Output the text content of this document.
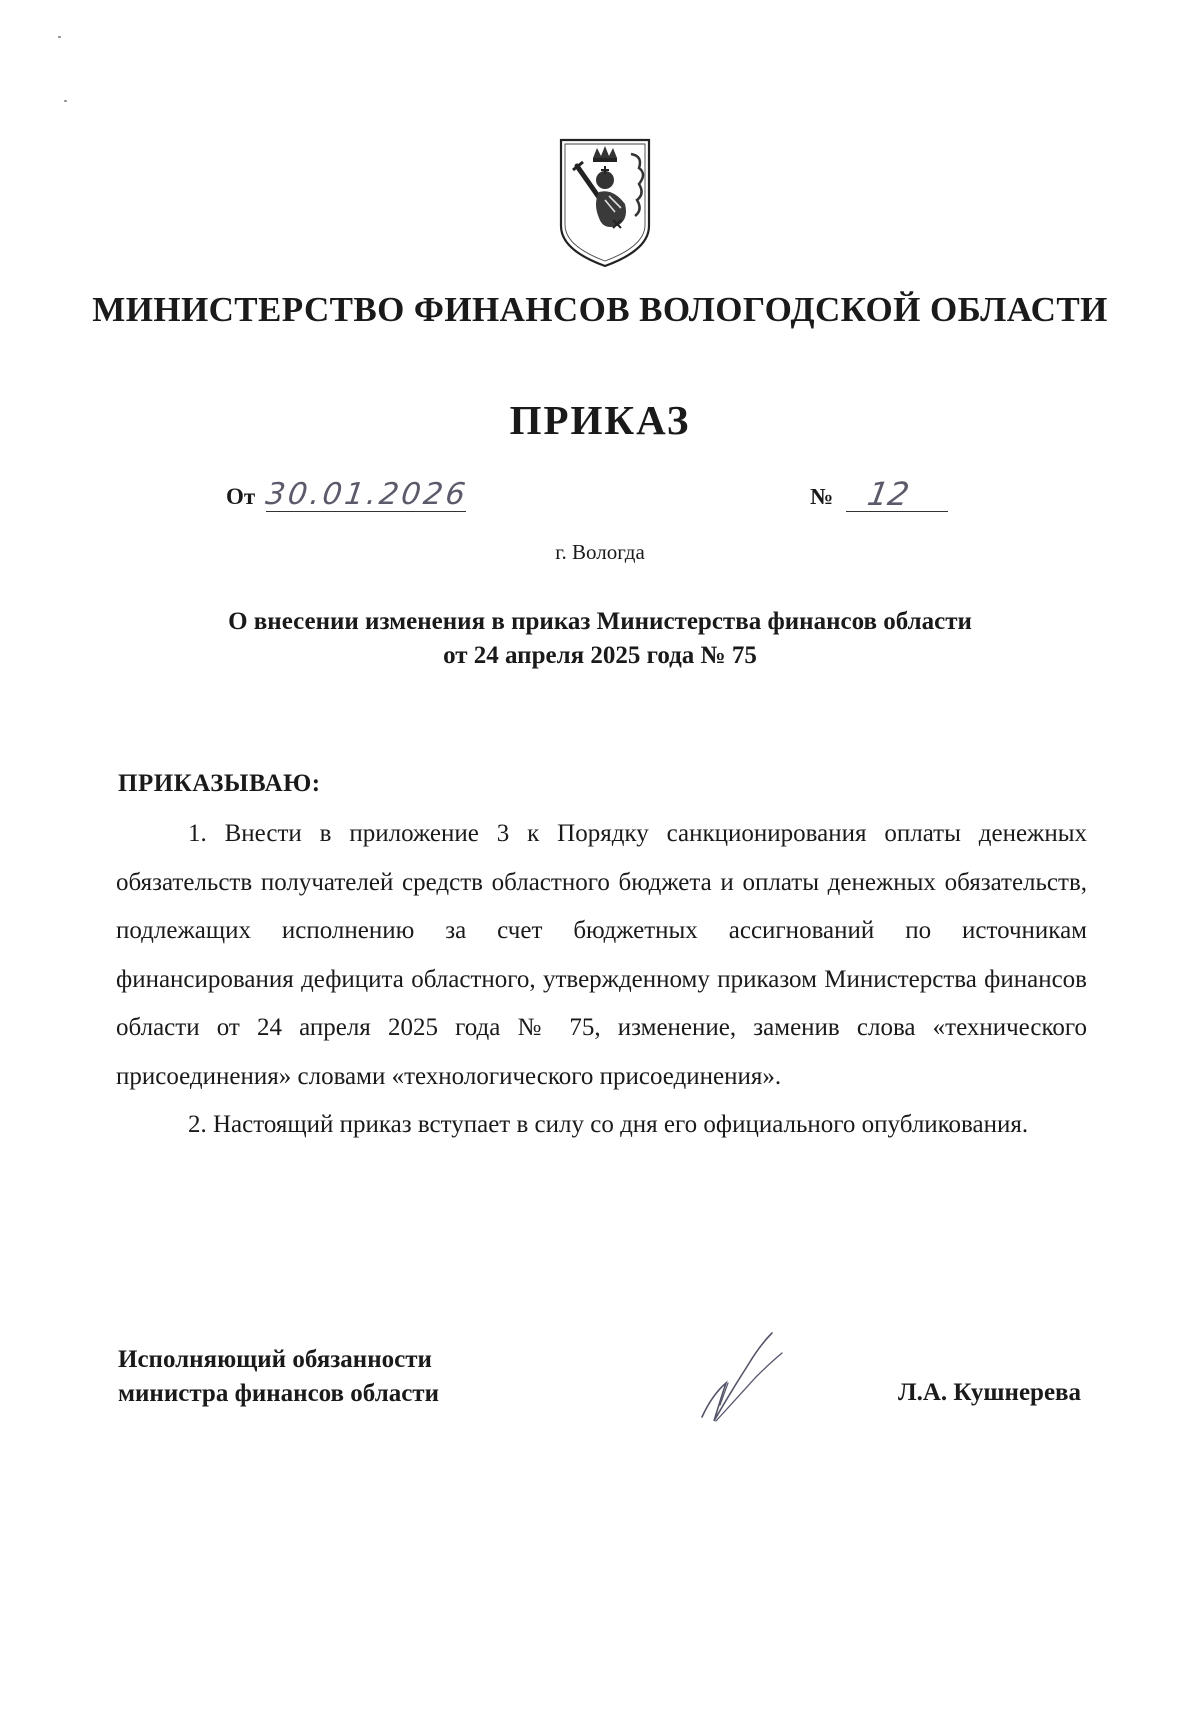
МИНИСТЕРСТВО ФИНАНСОВ ВОЛОГОДСКОЙ ОБЛАСТИ
ПРИКАЗ
От 30.01.2026	№ 12
г. Вологда
О внесении изменения в приказ Министерства финансов области
от 24 апреля 2025 года № 75
ПРИКАЗЫВАЮ:

1. Внести в приложение 3 к Порядку санкционирования оплаты денежных обязательств получателей средств областного бюджета и оплаты денежных обязательств, подлежащих исполнению за счет бюджетных ассигнований по источникам финансирования дефицита областного, утвержденному приказом Министерства финансов области от 24 апреля 2025 года № 75, изменение, заменив слова «технического присоединения» словами «технологического присоединения».

2. Настоящий приказ вступает в силу со дня его официального опубликования.

Исполняющий обязанности
министра финансов области	Л.А. Кушнерева
